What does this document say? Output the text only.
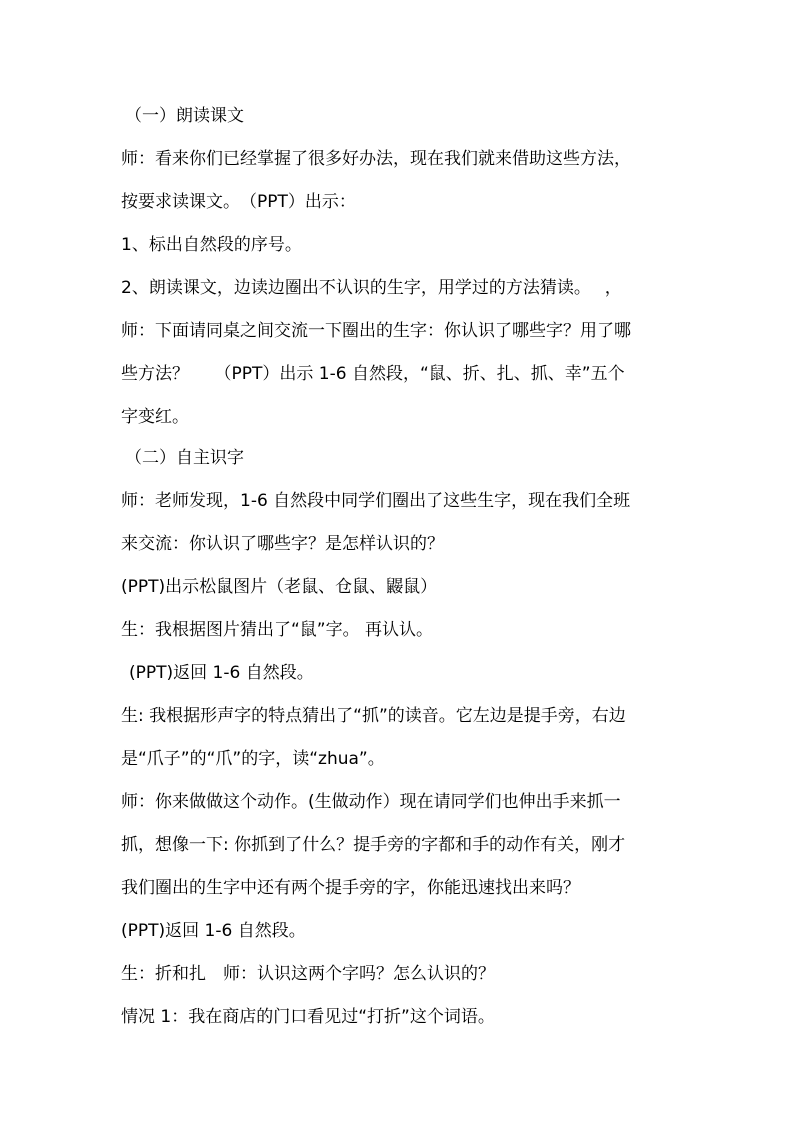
（一）朗读课文
师：看来你们已经掌握了很多好办法，现在我们就来借助这些方法，
按要求读课文。　（PPT）出示：
1、标出自然段的序号。
2、朗读课文，边读边圈出不认识的生字，用学过的方法猜读。　 ，
师：下面请同桌之间交流一下圈出的生字：你认识了哪些字？用了哪
些方法？　　（PPT）出示 1-6 自然段，“鼠、折、扎、抓、幸”五个
字变红。
（二）自主识字
师：老师发现，1-6 自然段中同学们圈出了这些生字，现在我们全班
来交流：你认识了哪些字？是怎样认识的？
(PPT)出示松鼠图片（老鼠、仓鼠、鼹鼠）
生：我根据图片猜出了“鼠”字。 再认认。
(PPT)返回 1-6 自然段。
生: 我根据形声字的特点猜出了“抓”的读音。它左边是提手旁，右边
是“爪子”的“爪”的字，读“zhua”。
师：你来做做这个动作。(生做动作）现在请同学们也伸出手来抓一
抓，想像一下: 你抓到了什么？提手旁的字都和手的动作有关，刚才
我们圈出的生字中还有两个提手旁的字，你能迅速找出来吗？
(PPT)返回 1-6 自然段。
生：折和扎　师：认识这两个字吗？怎么认识的？
情况 1：我在商店的门口看见过“打折”这个词语。
